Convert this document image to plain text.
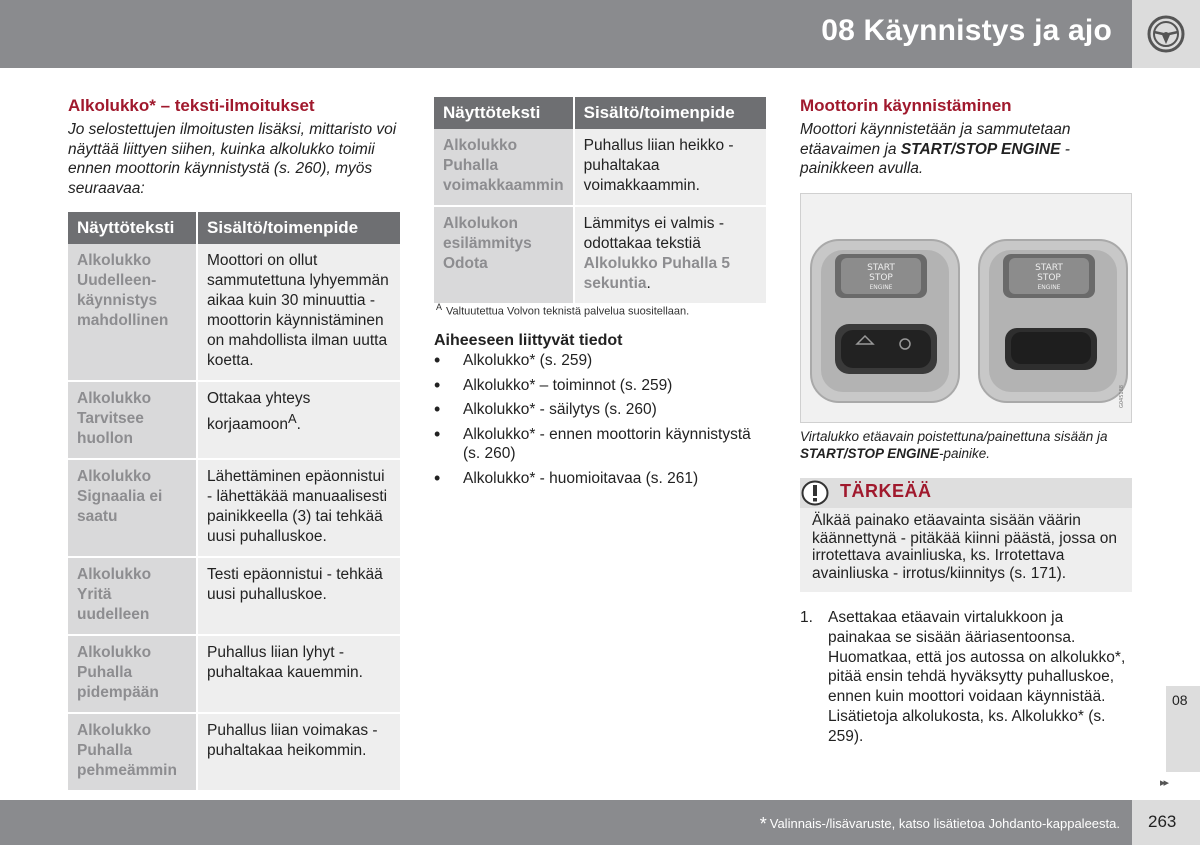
08 Käynnistys ja ajo
Alkolukko* – teksti-ilmoitukset

Jo selostettujen ilmoitusten lisäksi, mittaristo voi näyttää liittyen siihen, kuinka alkolukko toimii ennen moottorin käynnistystä (s. 260), myös seuraavaa:

Näyttöteksti	Sisältö/toimenpide
Alkolukko Uudelleen-käynnistys mahdollinen	Moottori on ollut sammutettuna lyhyemmän aikaa kuin 30 minuuttia - moottorin käynnistäminen on mahdollista ilman uutta koetta.
Alkolukko Tarvitsee huollon	Ottakaa yhteys korjaamoon$^A$.
Alkolukko Signaalia ei saatu	Lähettäminen epäonnistui - lähettäkää manuaalisesti painikkeella (3) tai tehkää uusi puhalluskoe.
Alkolukko Yritä uudelleen	Testi epäonnistui - tehkää uusi puhalluskoe.
Alkolukko Puhalla pidempään	Puhallus liian lyhyt - puhaltakaa kauemmin.
Alkolukko Puhalla pehmeämmin	Puhallus liian voimakas - puhaltakaa heikommin.
Näyttöteksti	Sisältö/toimenpide
Alkolukko Puhalla voimakkaammin	Puhallus liian heikko - puhaltakaa voimakkaammin.
Alkolukon esilämmitys Odota	Lämmitys ei valmis - odottakaa tekstiä Alkolukko Puhalla 5 sekuntia.

$^A$ Valtuutettua Volvon teknistä palvelua suositellaan.

Aiheeseen liittyvät tiedot
• Alkolukko* (s. 259)
• Alkolukko* – toiminnot (s. 259)
• Alkolukko* - säilytys (s. 260)
• Alkolukko* - ennen moottorin käynnistystä (s. 260)
• Alkolukko* - huomioitavaa (s. 261)
Moottorin käynnistäminen

Moottori käynnistetään ja sammutetaan etäavaimen ja START/STOP ENGINE -painikkeen avulla.

START
STOP
ENGINE
START
STOP
ENGINE
G045188

Virtalukko etäavain poistettuna/painettuna sisään ja START/STOP ENGINE-painike.

TÄRKEÄÄ

Älkää painako etäavainta sisään väärin käännettynä - pitäkää kiinni päästä, jossa on irrotettava avainliuska, ks. Irrotettava avainliuska - irrotus/kiinnitys (s. 171).

1. Asettakaa etäavain virtalukkoon ja painakaa se sisään ääriasentoonsa. Huomatkaa, että jos autossa on alkolukko*, pitää ensin tehdä hyväksytty puhalluskoe, ennen kuin moottori voidaan käynnistää. Lisätietoja alkolukosta, ks. Alkolukko* (s. 259).
08
▸▸

* Valinnais-/lisävaruste, katso lisätietoa Johdanto-kappaleesta. 263
